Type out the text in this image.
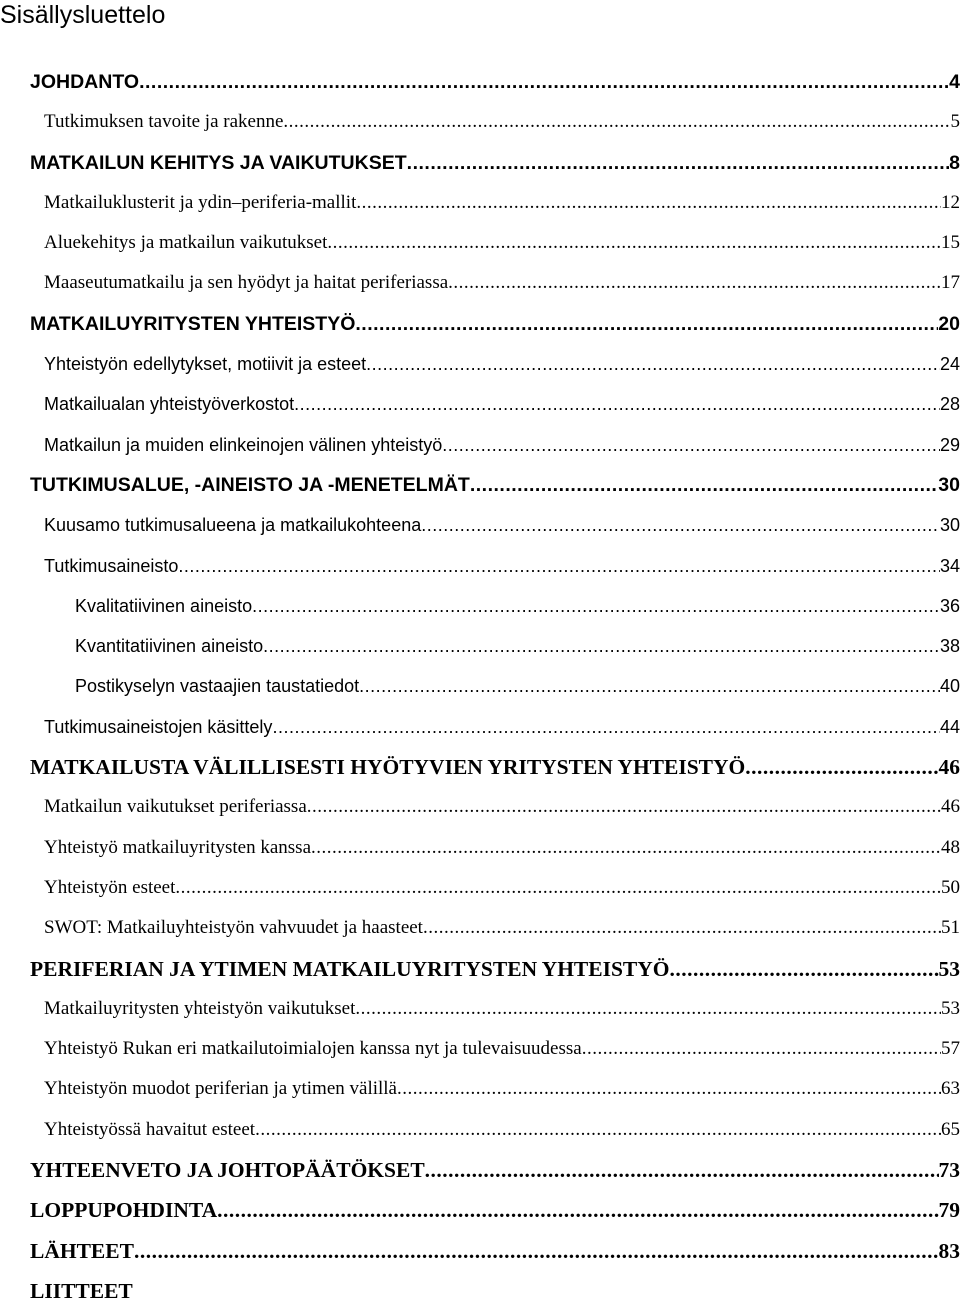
Sisällysluettelo
JOHDANTO .....	4
Tutkimuksen tavoite ja rakenne .....	5
MATKAILUN KEHITYS JA VAIKUTUKSET .....	8
Matkailuklusterit ja ydin–periferia-mallit .....	12
Aluekehitys ja matkailun vaikutukset .....	15
Maaseutumatkailu ja sen hyödyt ja haitat periferiassa .....	17
MATKAILUYRITYSTEN YHTEISTYÖ .....	20
Yhteistyön edellytykset, motiivit ja esteet .....	24
Matkailualan yhteistyöverkostot .....	28
Matkailun ja muiden elinkeinojen välinen yhteistyö .....	29
TUTKIMUSALUE, -AINEISTO JA -MENETELMÄT .....	30
Kuusamo tutkimusalueena ja matkailukohteena .....	30
Tutkimusaineisto .....	34
Kvalitatiivinen aineisto .....	36
Kvantitatiivinen aineisto .....	38
Postikyselyn vastaajien taustatiedot .....	40
Tutkimusaineistojen käsittely .....	44
MATKAILUSTA VÄLILLISESTI HYÖTYVIEN YRITYSTEN YHTEISTYÖ .....	46
Matkailun vaikutukset periferiassa .....	46
Yhteistyö matkailuyritysten kanssa .....	48
Yhteistyön esteet .....	50
SWOT: Matkailuyhteistyön vahvuudet ja haasteet .....	51
PERIFERIAN JA YTIMEN MATKAILUYRITYSTEN YHTEISTYÖ .....	53
Matkailuyritysten yhteistyön vaikutukset .....	53
Yhteistyö Rukan eri matkailutoimialojen kanssa nyt ja tulevaisuudessa .....	57
Yhteistyön muodot periferian ja ytimen välillä .....	63
Yhteistyössä havaitut esteet .....	65
YHTEENVETO JA JOHTOPÄÄTÖKSET .....	73
LOPPUPOHDINTA .....	79
LÄHTEET .....	83
LIITTEET
